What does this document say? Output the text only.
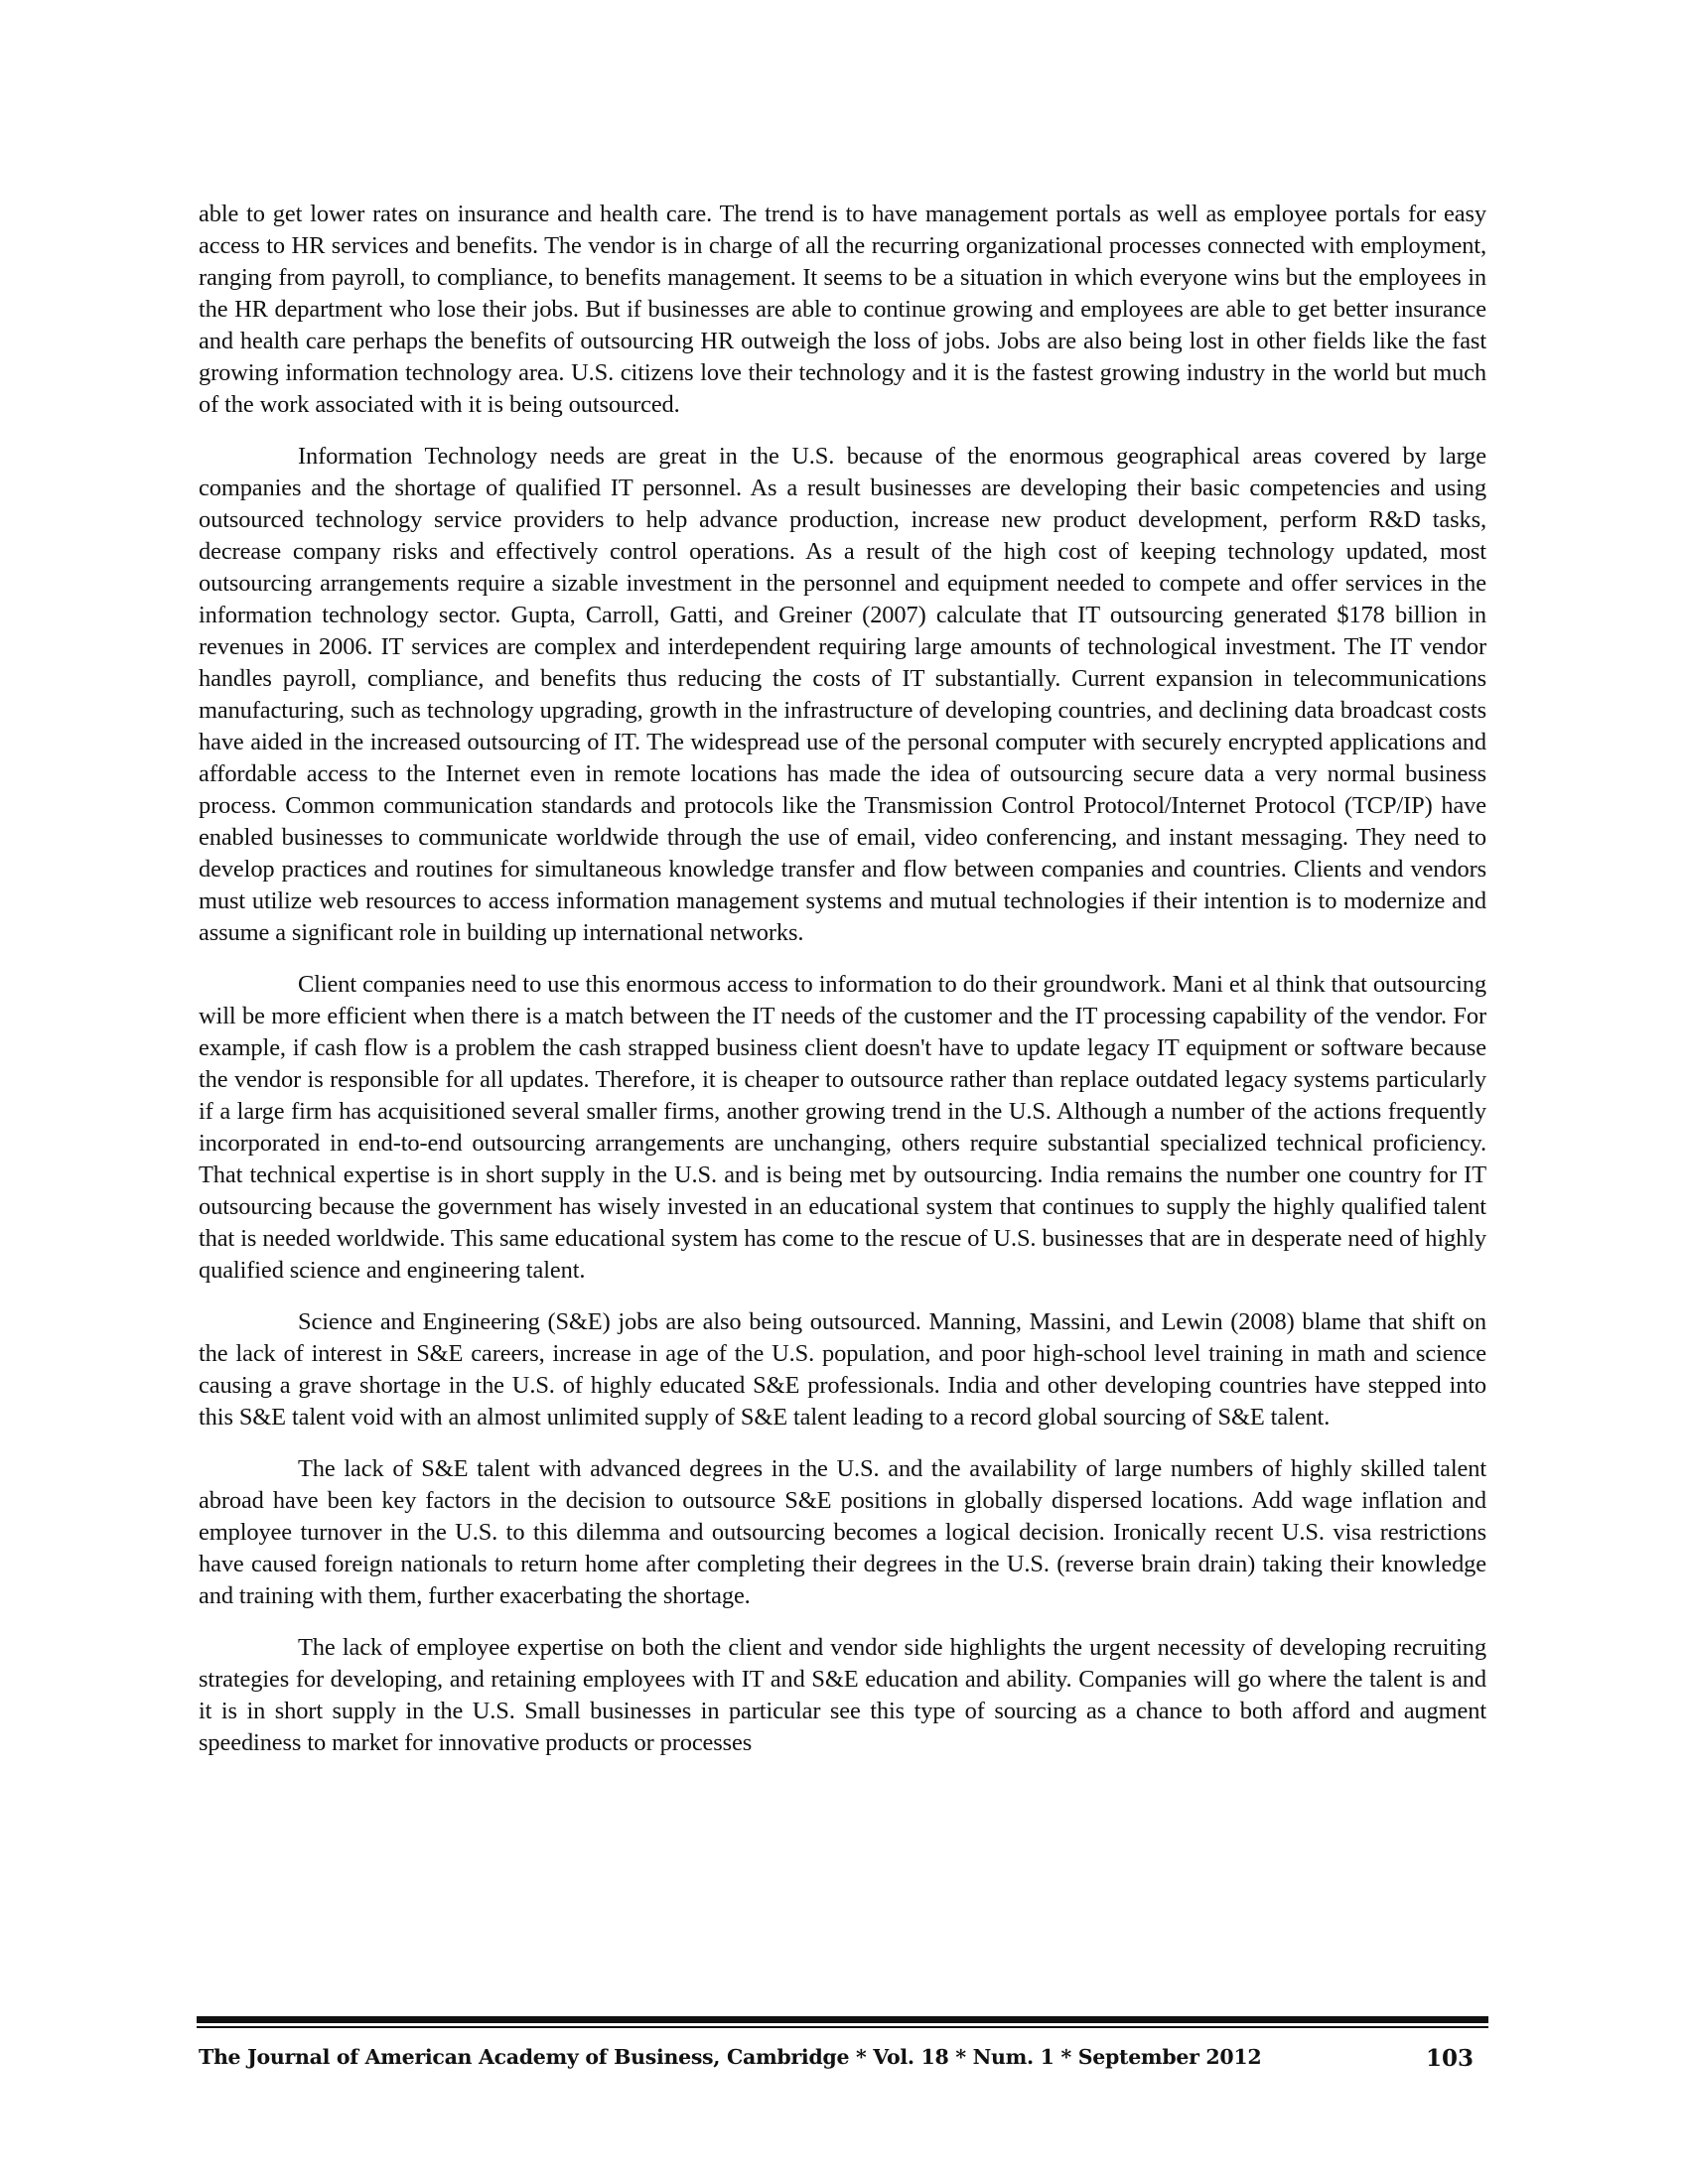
able to get lower rates on insurance and health care. The trend is to have management portals as well as employee portals for easy access to HR services and benefits. The vendor is in charge of all the recurring organizational processes connected with employment, ranging from payroll, to compliance, to benefits management. It seems to be a situation in which everyone wins but the employees in the HR department who lose their jobs. But if businesses are able to continue growing and employees are able to get better insurance and health care perhaps the benefits of outsourcing HR outweigh the loss of jobs. Jobs are also being lost in other fields like the fast growing information technology area. U.S. citizens love their technology and it is the fastest growing industry in the world but much of the work associated with it is being outsourced.

Information Technology needs are great in the U.S. because of the enormous geographical areas covered by large companies and the shortage of qualified IT personnel. As a result businesses are developing their basic competencies and using outsourced technology service providers to help advance production, increase new product development, perform R&D tasks, decrease company risks and effectively control operations. As a result of the high cost of keeping technology updated, most outsourcing arrangements require a sizable investment in the personnel and equipment needed to compete and offer services in the information technology sector. Gupta, Carroll, Gatti, and Greiner (2007) calculate that IT outsourcing generated $178 billion in revenues in 2006. IT services are complex and interdependent requiring large amounts of technological investment. The IT vendor handles payroll, compliance, and benefits thus reducing the costs of IT substantially. Current expansion in telecommunications manufacturing, such as technology upgrading, growth in the infrastructure of developing countries, and declining data broadcast costs have aided in the increased outsourcing of IT. The widespread use of the personal computer with securely encrypted applications and affordable access to the Internet even in remote locations has made the idea of outsourcing secure data a very normal business process. Common communication standards and protocols like the Transmission Control Protocol/Internet Protocol (TCP/IP) have enabled businesses to communicate worldwide through the use of email, video conferencing, and instant messaging. They need to develop practices and routines for simultaneous knowledge transfer and flow between companies and countries. Clients and vendors must utilize web resources to access information management systems and mutual technologies if their intention is to modernize and assume a significant role in building up international networks.

Client companies need to use this enormous access to information to do their groundwork. Mani et al think that outsourcing will be more efficient when there is a match between the IT needs of the customer and the IT processing capability of the vendor. For example, if cash flow is a problem the cash strapped business client doesn't have to update legacy IT equipment or software because the vendor is responsible for all updates. Therefore, it is cheaper to outsource rather than replace outdated legacy systems particularly if a large firm has acquisitioned several smaller firms, another growing trend in the U.S. Although a number of the actions frequently incorporated in end-to-end outsourcing arrangements are unchanging, others require substantial specialized technical proficiency. That technical expertise is in short supply in the U.S. and is being met by outsourcing. India remains the number one country for IT outsourcing because the government has wisely invested in an educational system that continues to supply the highly qualified talent that is needed worldwide. This same educational system has come to the rescue of U.S. businesses that are in desperate need of highly qualified science and engineering talent.

Science and Engineering (S&E) jobs are also being outsourced. Manning, Massini, and Lewin (2008) blame that shift on the lack of interest in S&E careers, increase in age of the U.S. population, and poor high-school level training in math and science causing a grave shortage in the U.S. of highly educated S&E professionals. India and other developing countries have stepped into this S&E talent void with an almost unlimited supply of S&E talent leading to a record global sourcing of S&E talent.

The lack of S&E talent with advanced degrees in the U.S. and the availability of large numbers of highly skilled talent abroad have been key factors in the decision to outsource S&E positions in globally dispersed locations. Add wage inflation and employee turnover in the U.S. to this dilemma and outsourcing becomes a logical decision. Ironically recent U.S. visa restrictions have caused foreign nationals to return home after completing their degrees in the U.S. (reverse brain drain) taking their knowledge and training with them, further exacerbating the shortage.

The lack of employee expertise on both the client and vendor side highlights the urgent necessity of developing recruiting strategies for developing, and retaining employees with IT and S&E education and ability. Companies will go where the talent is and it is in short supply in the U.S. Small businesses in particular see this type of sourcing as a chance to both afford and augment speediness to market for innovative products or processes

The Journal of American Academy of Business, Cambridge * Vol. 18 * Num. 1 * September 2012	103
